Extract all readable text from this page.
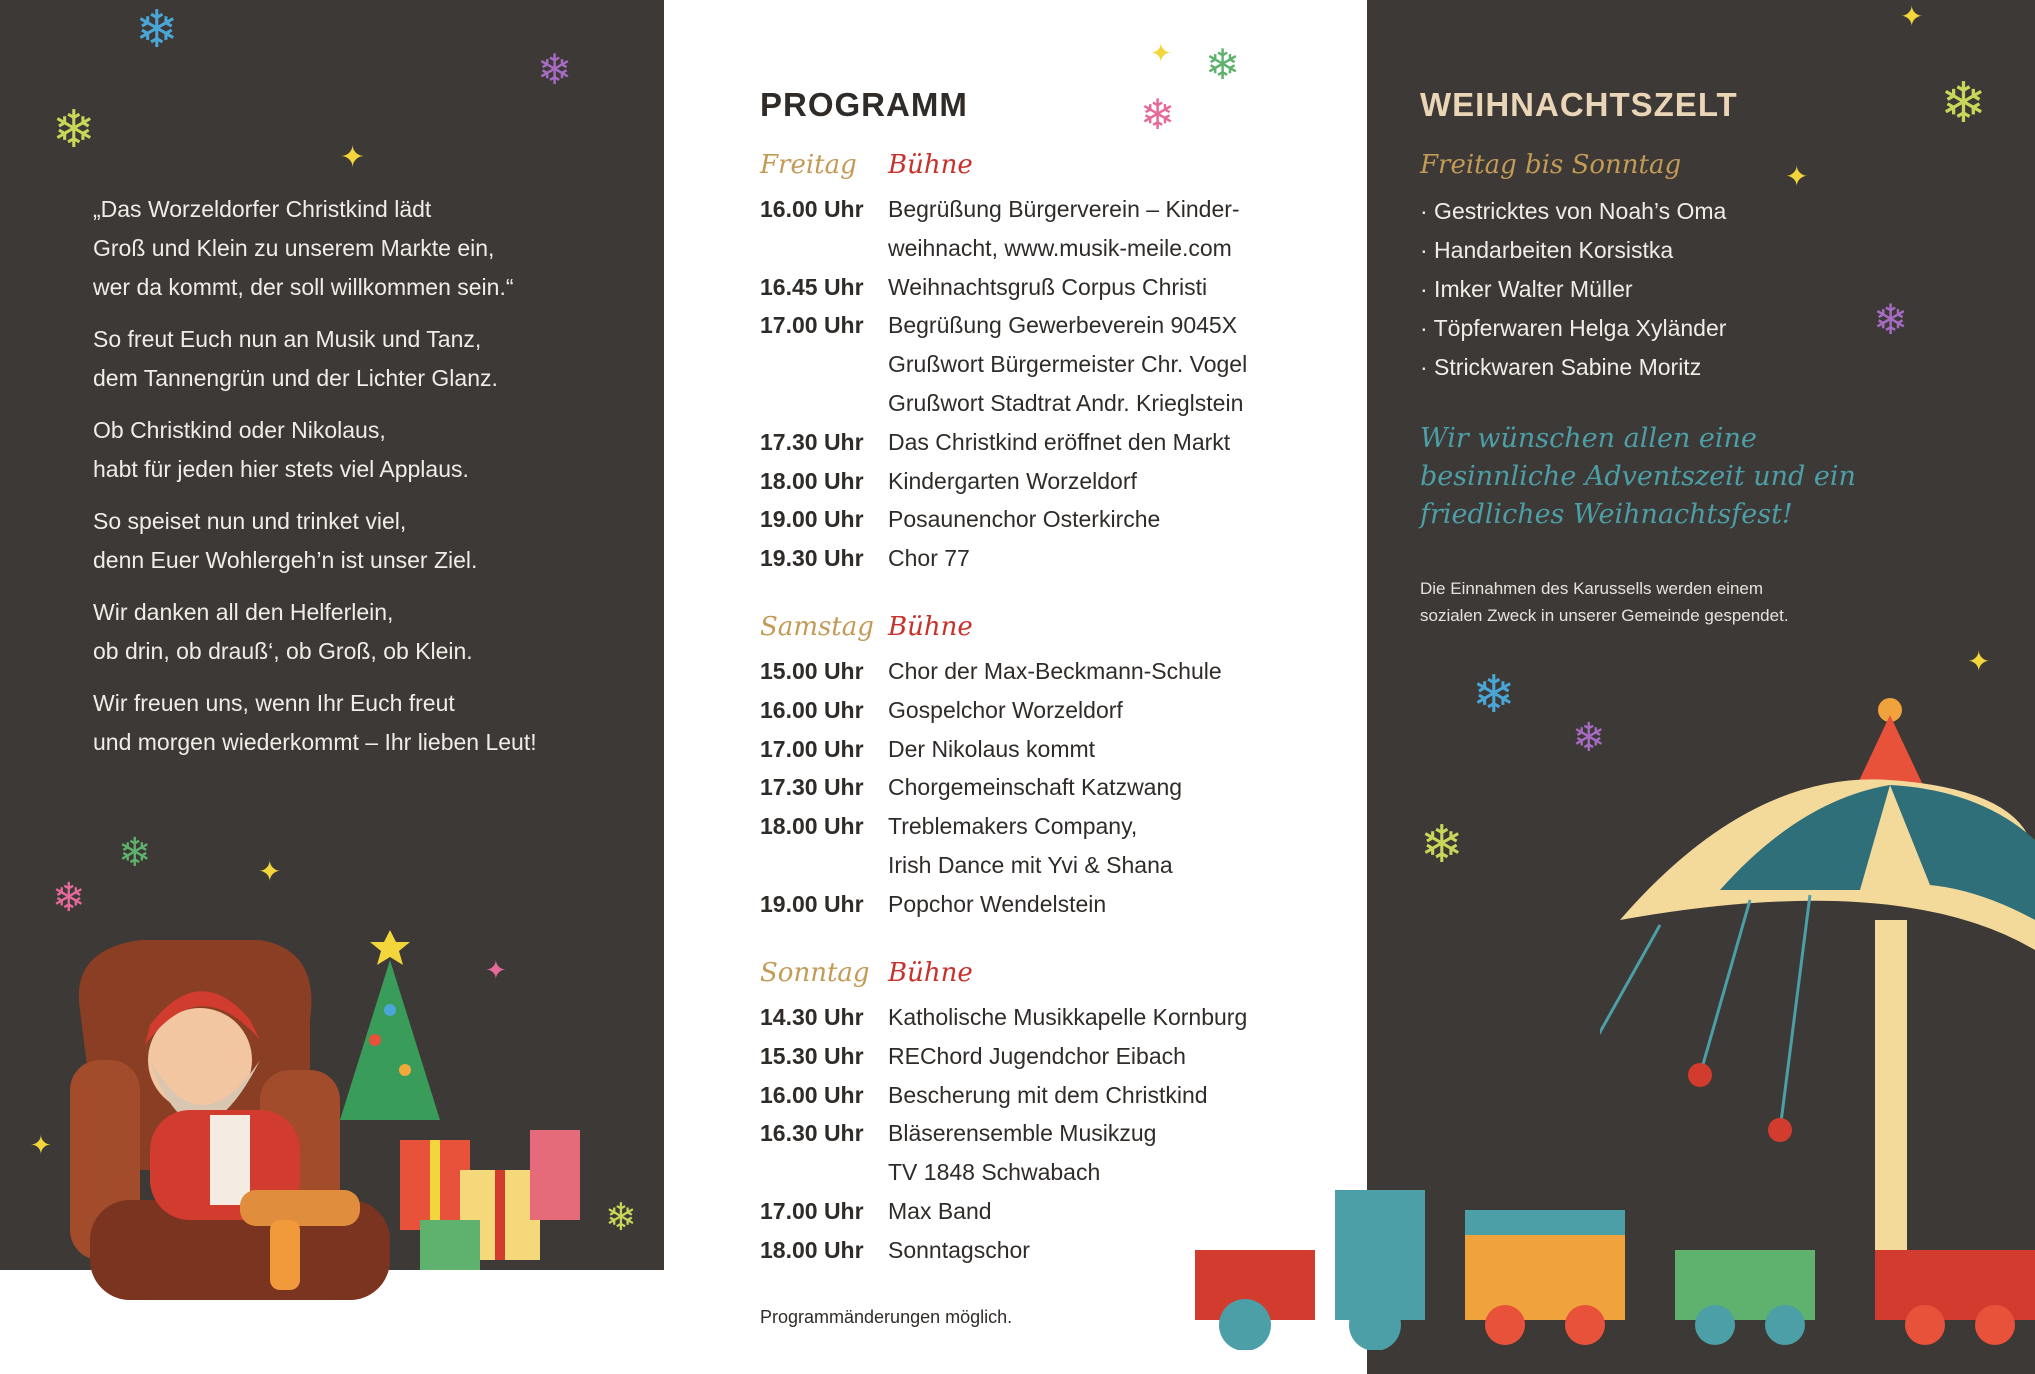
„Das Worzeldorfer Christkind lädt
Groß und Klein zu unserem Markte ein,
wer da kommt, der soll willkommen sein.“
So freut Euch nun an Musik und Tanz,
dem Tannengrün und der Lichter Glanz.
Ob Christkind oder Nikolaus,
habt für jeden hier stets viel Applaus.
So speiset nun und trinket viel,
denn Euer Wohlergeh’n ist unser Ziel.
Wir danken all den Helferlein,
ob drin, ob drauß‘, ob Groß, ob Klein.
Wir freuen uns, wenn Ihr Euch freut
und morgen wiederkommt – Ihr lieben Leut!
PROGRAMM
Freitag Bühne
16.00 Uhr Begrüßung Bürgerverein – Kinder-
weihnacht, www.musik-meile.com
16.45 Uhr Weihnachtsgruß Corpus Christi
17.00 Uhr Begrüßung Gewerbeverein 9045X
Grußwort Bürgermeister Chr. Vogel
Grußwort Stadtrat Andr. Krieglstein
17.30 Uhr Das Christkind eröffnet den Markt
18.00 Uhr Kindergarten Worzeldorf
19.00 Uhr Posaunenchor Osterkirche
19.30 Uhr Chor 77
Samstag Bühne
15.00 Uhr Chor der Max-Beckmann-Schule
16.00 Uhr Gospelchor Worzeldorf
17.00 Uhr Der Nikolaus kommt
17.30 Uhr Chorgemeinschaft Katzwang
18.00 Uhr Treblemakers Company,
Irish Dance mit Yvi & Shana
19.00 Uhr Popchor Wendelstein
Sonntag Bühne
14.30 Uhr Katholische Musikkapelle Kornburg
15.30 Uhr REChord Jugendchor Eibach
16.00 Uhr Bescherung mit dem Christkind
16.30 Uhr Bläserensemble Musikzug
TV 1848 Schwabach
17.00 Uhr Max Band
18.00 Uhr Sonntagschor
Programmänderungen möglich.
WEIHNACHTSZELT
Freitag bis Sonntag
· Gestricktes von Noah’s Oma
· Handarbeiten Korsistka
· Imker Walter Müller
· Töpferwaren Helga Xyländer
· Strickwaren Sabine Moritz
Wir wünschen allen eine
besinnliche Adventszeit und ein
friedliches Weihnachtsfest!
Die Einnahmen des Karussells werden einem
sozialen Zweck in unserer Gemeinde gespendet.
❄
❄
❄	✦
❄
❄
✦
✦
✦
❄
✦ ❄
❄
✦
❄
✦
❄
✦
❄
❄
❄
